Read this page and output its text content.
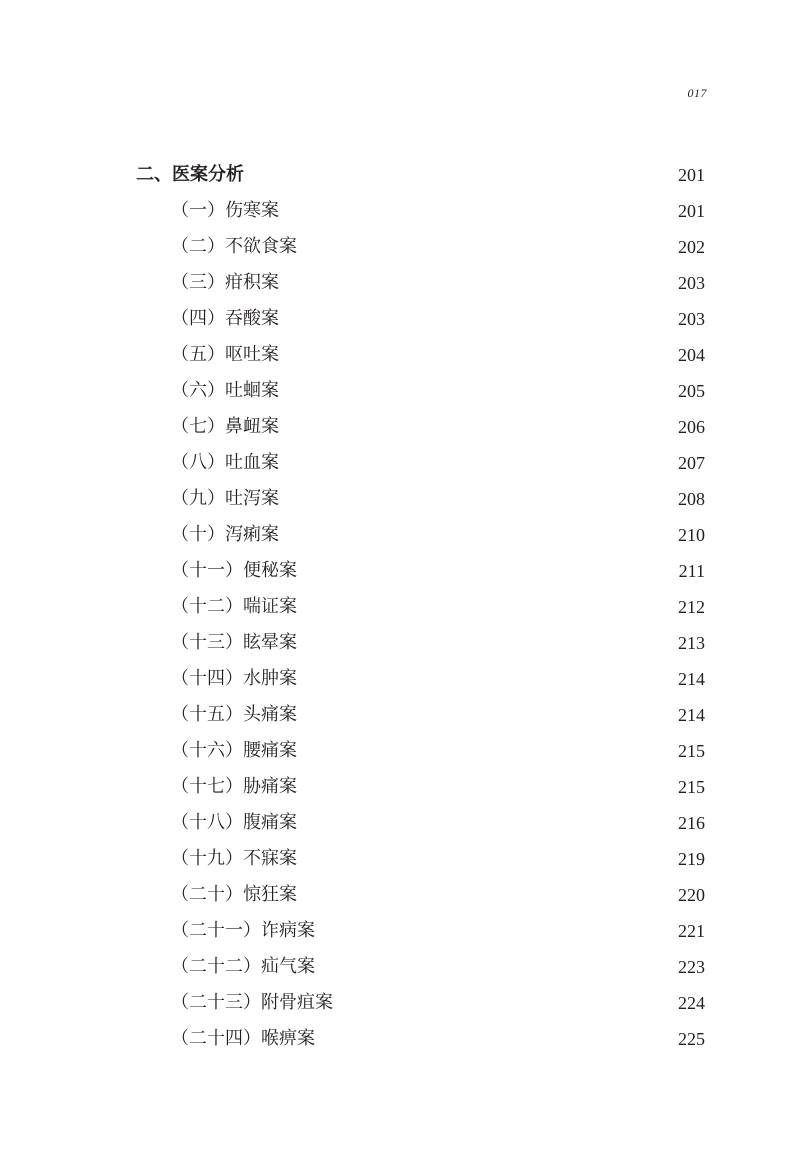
017
二、医案分析	201
（一）伤寒案	201
（二）不欲食案	202
（三）疳积案	203
（四）吞酸案	203
（五）呕吐案	204
（六）吐蛔案	205
（七）鼻衄案	206
（八）吐血案	207
（九）吐泻案	208
（十）泻痢案	210
（十一）便秘案	211
（十二）喘证案	212
（十三）眩晕案	213
（十四）水肿案	214
（十五）头痛案	214
（十六）腰痛案	215
（十七）胁痛案	215
（十八）腹痛案	216
（十九）不寐案	219
（二十）惊狂案	220
（二十一）诈病案	221
（二十二）疝气案	223
（二十三）附骨疽案	224
（二十四）喉痹案	225
